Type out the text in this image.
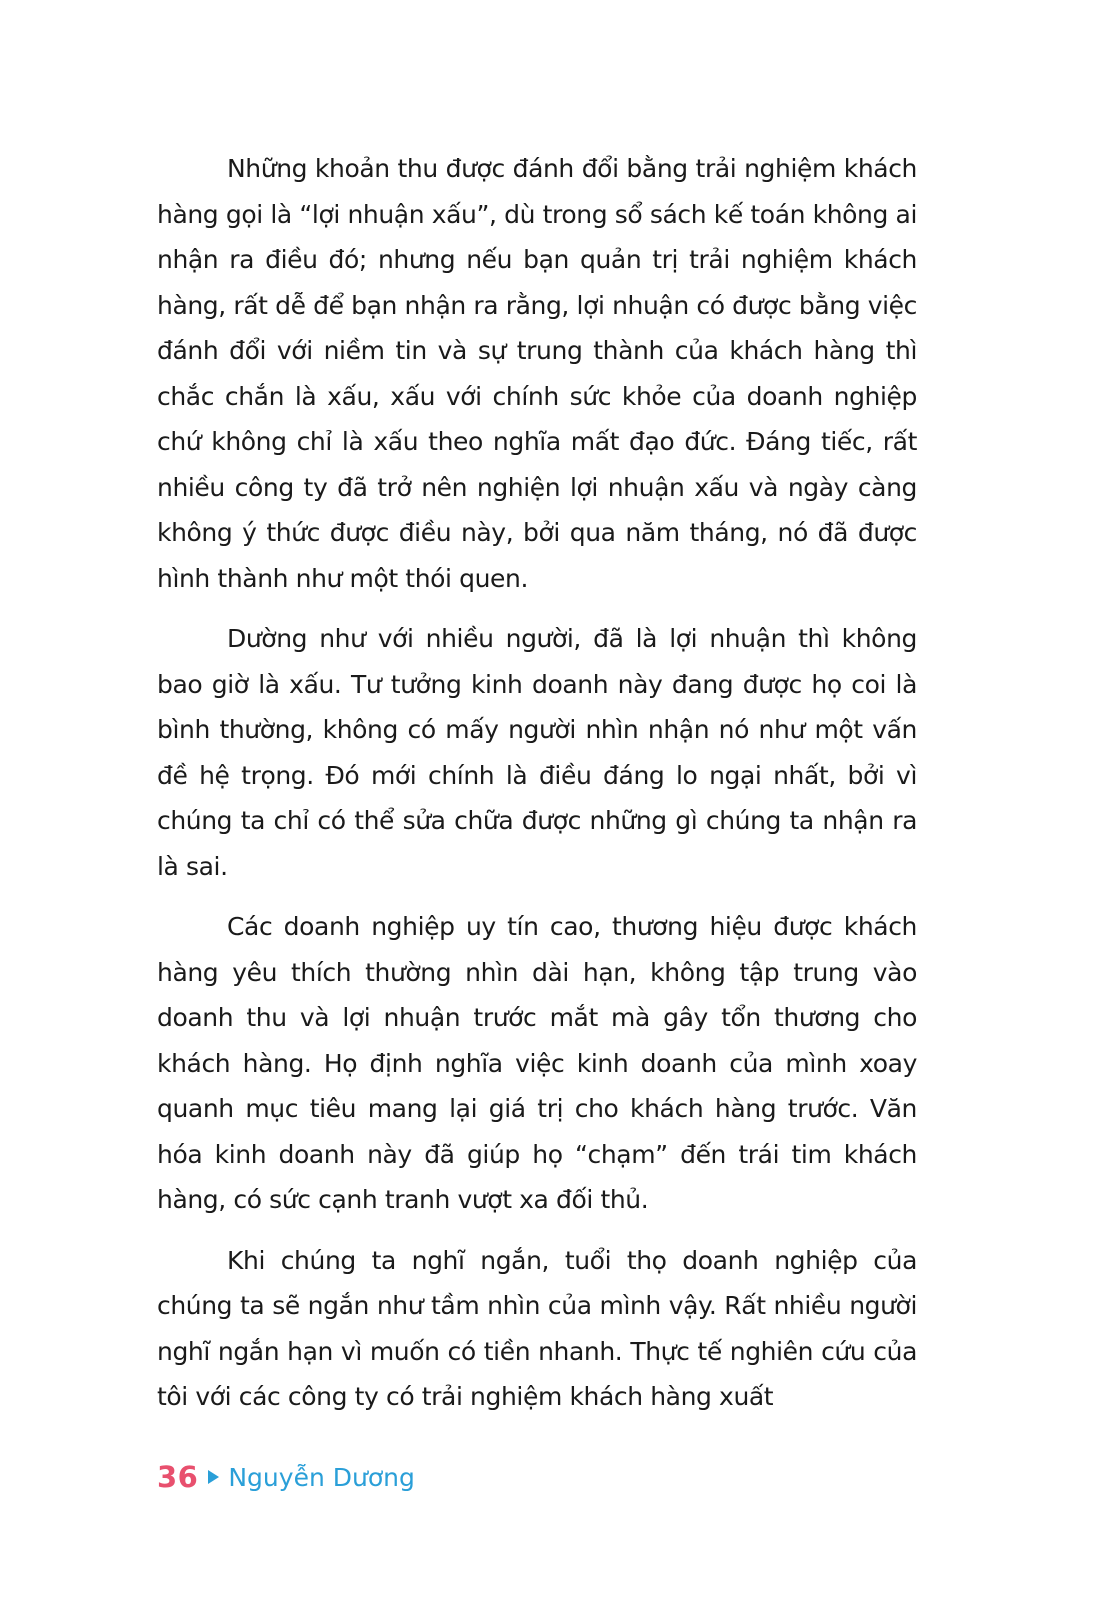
Những khoản thu được đánh đổi bằng trải nghiệm khách hàng gọi là “lợi nhuận xấu”, dù trong sổ sách kế toán không ai nhận ra điều đó; nhưng nếu bạn quản trị trải nghiệm khách hàng, rất dễ để bạn nhận ra rằng, lợi nhuận có được bằng việc đánh đổi với niềm tin và sự trung thành của khách hàng thì chắc chắn là xấu, xấu với chính sức khỏe của doanh nghiệp chứ không chỉ là xấu theo nghĩa mất đạo đức. Đáng tiếc, rất nhiều công ty đã trở nên nghiện lợi nhuận xấu và ngày càng không ý thức được điều này, bởi qua năm tháng, nó đã được hình thành như một thói quen.

Dường như với nhiều người, đã là lợi nhuận thì không bao giờ là xấu. Tư tưởng kinh doanh này đang được họ coi là bình thường, không có mấy người nhìn nhận nó như một vấn đề hệ trọng. Đó mới chính là điều đáng lo ngại nhất, bởi vì chúng ta chỉ có thể sửa chữa được những gì chúng ta nhận ra là sai.

Các doanh nghiệp uy tín cao, thương hiệu được khách hàng yêu thích thường nhìn dài hạn, không tập trung vào doanh thu và lợi nhuận trước mắt mà gây tổn thương cho khách hàng. Họ định nghĩa việc kinh doanh của mình xoay quanh mục tiêu mang lại giá trị cho khách hàng trước. Văn hóa kinh doanh này đã giúp họ “chạm” đến trái tim khách hàng, có sức cạnh tranh vượt xa đối thủ.

Khi chúng ta nghĩ ngắn, tuổi thọ doanh nghiệp của chúng ta sẽ ngắn như tầm nhìn của mình vậy. Rất nhiều người nghĩ ngắn hạn vì muốn có tiền nhanh. Thực tế nghiên cứu của tôi với các công ty có trải nghiệm khách hàng xuất

36 Nguyễn Dương
